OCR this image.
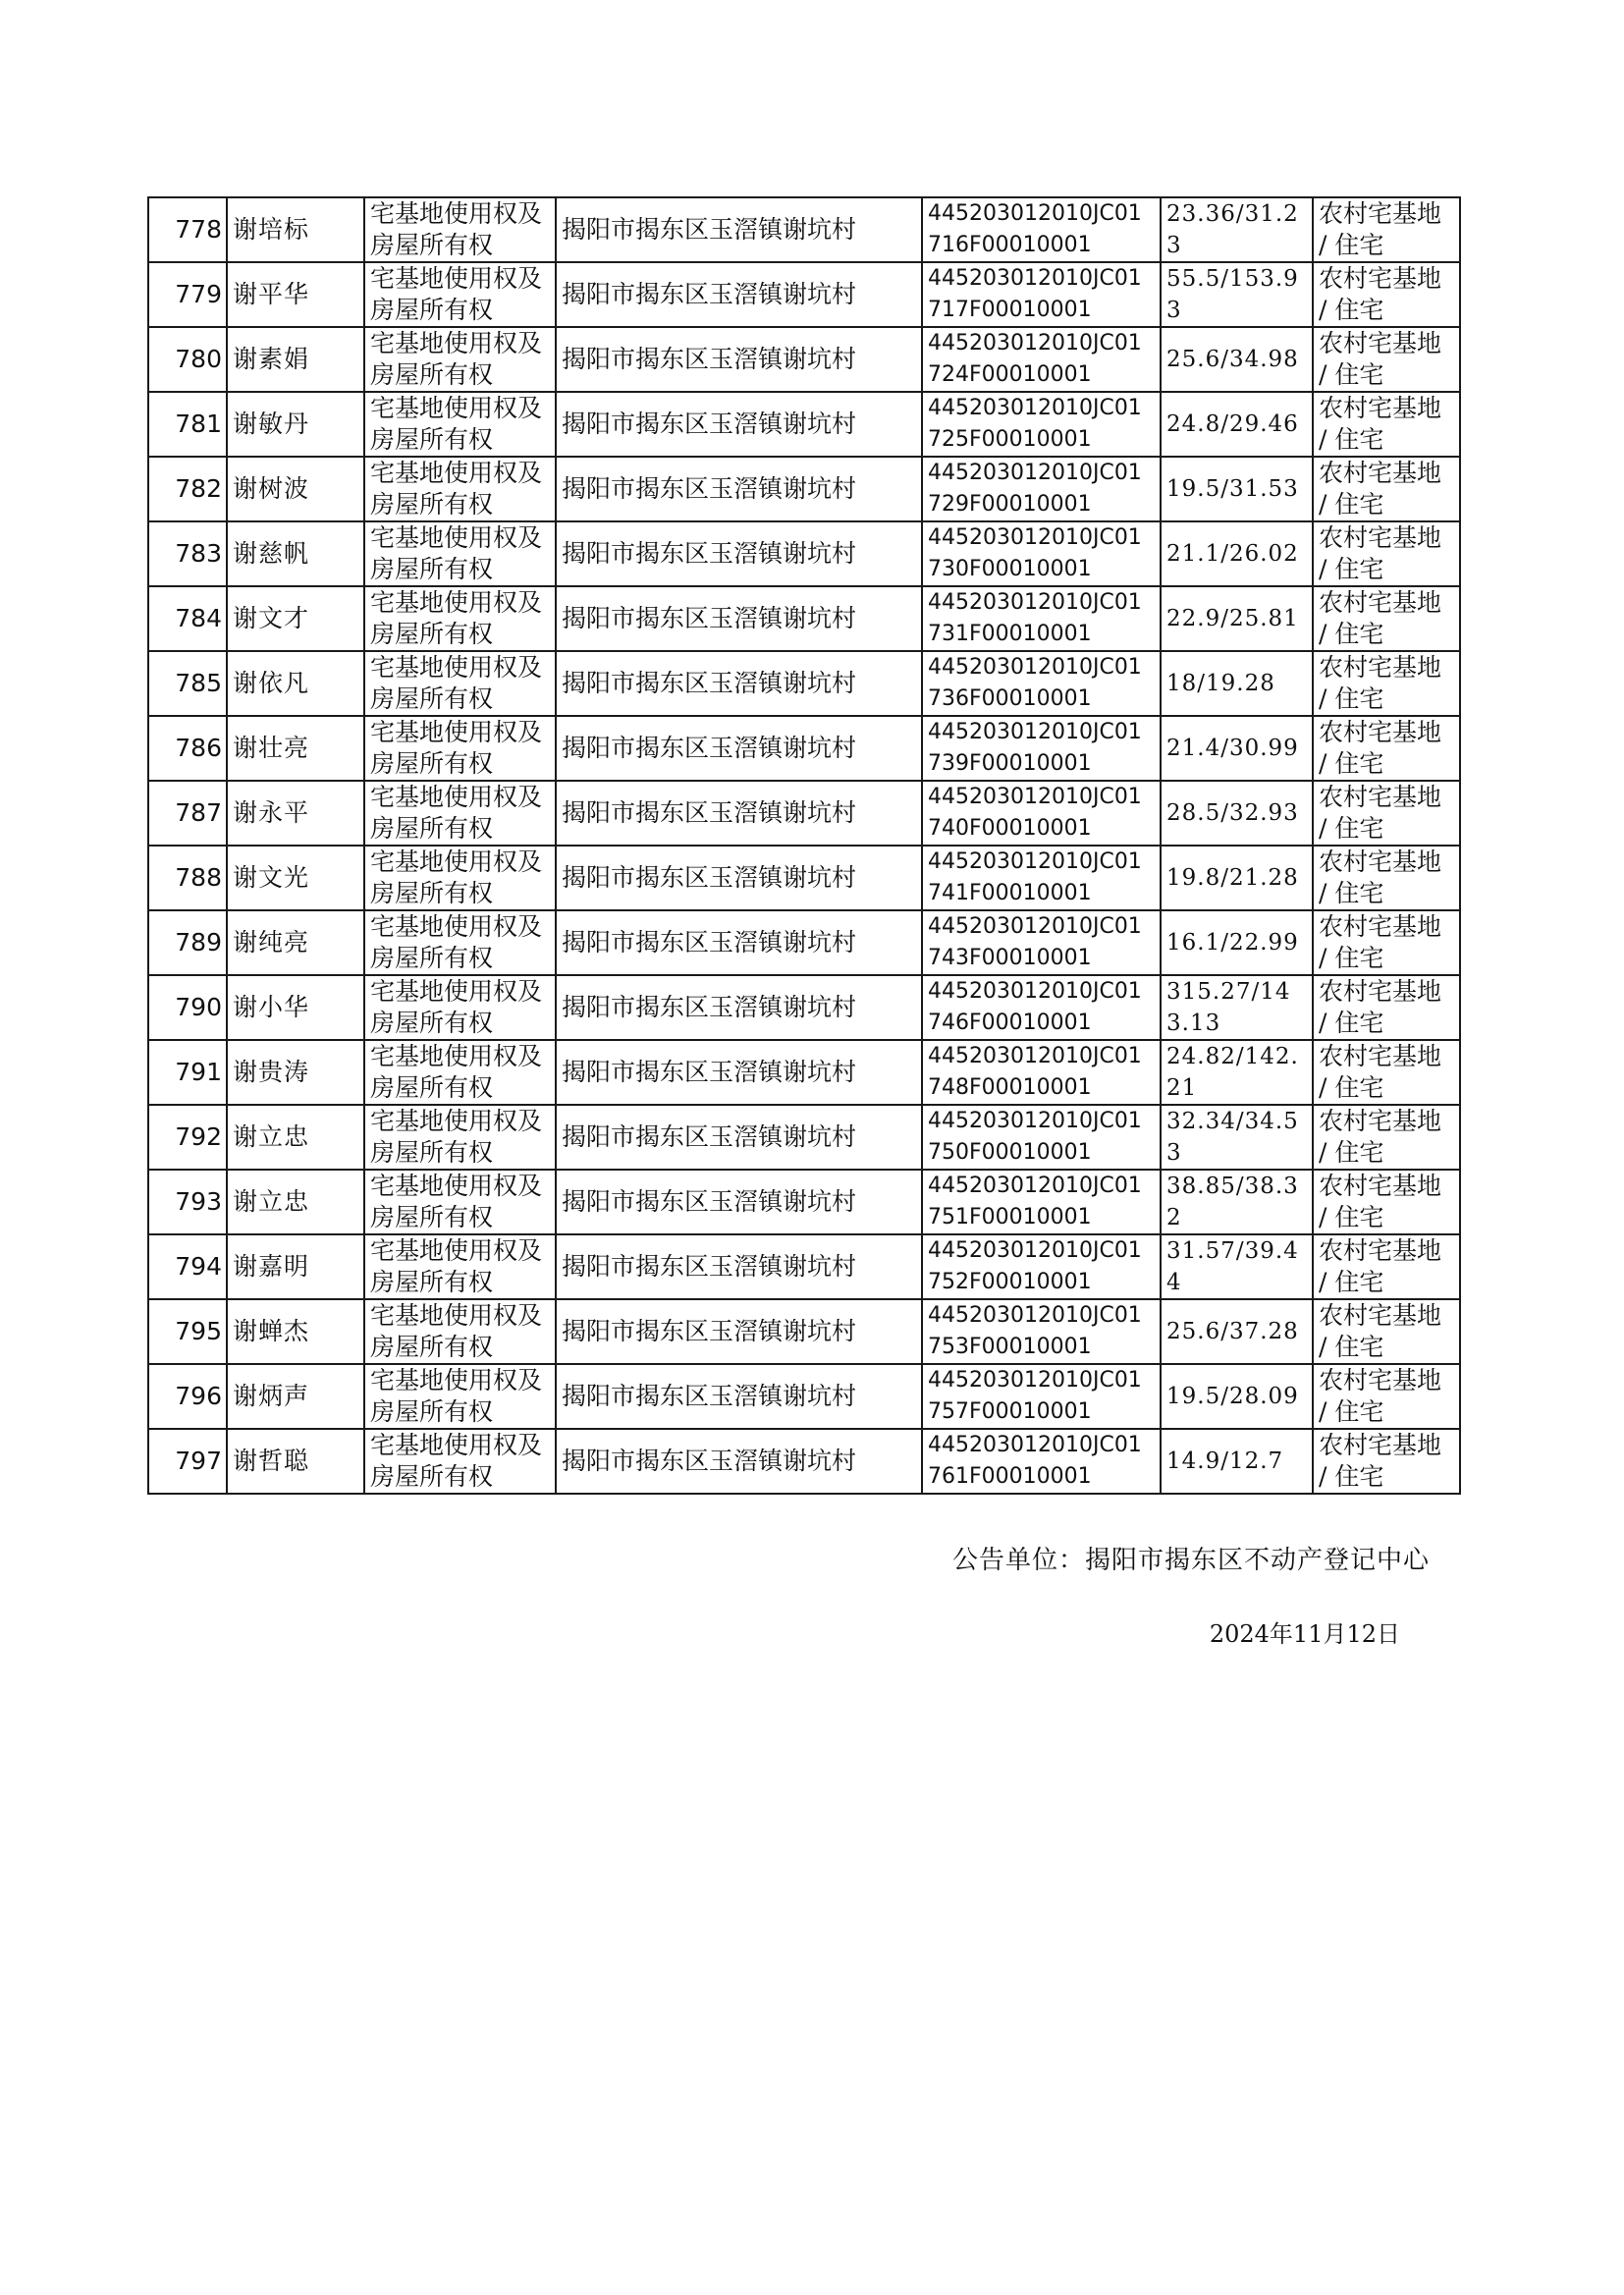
778	谢培标	宅基地使用权及房屋所有权	揭阳市揭东区玉滘镇谢坑村	445203012010JC01716F00010001	23.36/31.23	农村宅基地 / 住宅
779	谢平华	宅基地使用权及房屋所有权	揭阳市揭东区玉滘镇谢坑村	445203012010JC01717F00010001	55.5/153.93	农村宅基地 / 住宅
780	谢素娟	宅基地使用权及房屋所有权	揭阳市揭东区玉滘镇谢坑村	445203012010JC01724F00010001	25.6/34.98	农村宅基地 / 住宅
781	谢敏丹	宅基地使用权及房屋所有权	揭阳市揭东区玉滘镇谢坑村	445203012010JC01725F00010001	24.8/29.46	农村宅基地 / 住宅
782	谢树波	宅基地使用权及房屋所有权	揭阳市揭东区玉滘镇谢坑村	445203012010JC01729F00010001	19.5/31.53	农村宅基地 / 住宅
783	谢慈帆	宅基地使用权及房屋所有权	揭阳市揭东区玉滘镇谢坑村	445203012010JC01730F00010001	21.1/26.02	农村宅基地 / 住宅
784	谢文才	宅基地使用权及房屋所有权	揭阳市揭东区玉滘镇谢坑村	445203012010JC01731F00010001	22.9/25.81	农村宅基地 / 住宅
785	谢依凡	宅基地使用权及房屋所有权	揭阳市揭东区玉滘镇谢坑村	445203012010JC01736F00010001	18/19.28	农村宅基地 / 住宅
786	谢壮亮	宅基地使用权及房屋所有权	揭阳市揭东区玉滘镇谢坑村	445203012010JC01739F00010001	21.4/30.99	农村宅基地 / 住宅
787	谢永平	宅基地使用权及房屋所有权	揭阳市揭东区玉滘镇谢坑村	445203012010JC01740F00010001	28.5/32.93	农村宅基地 / 住宅
788	谢文光	宅基地使用权及房屋所有权	揭阳市揭东区玉滘镇谢坑村	445203012010JC01741F00010001	19.8/21.28	农村宅基地 / 住宅
789	谢纯亮	宅基地使用权及房屋所有权	揭阳市揭东区玉滘镇谢坑村	445203012010JC01743F00010001	16.1/22.99	农村宅基地 / 住宅
790	谢小华	宅基地使用权及房屋所有权	揭阳市揭东区玉滘镇谢坑村	445203012010JC01746F00010001	315.27/143.13	农村宅基地 / 住宅
791	谢贵涛	宅基地使用权及房屋所有权	揭阳市揭东区玉滘镇谢坑村	445203012010JC01748F00010001	24.82/142.21	农村宅基地 / 住宅
792	谢立忠	宅基地使用权及房屋所有权	揭阳市揭东区玉滘镇谢坑村	445203012010JC01750F00010001	32.34/34.53	农村宅基地 / 住宅
793	谢立忠	宅基地使用权及房屋所有权	揭阳市揭东区玉滘镇谢坑村	445203012010JC01751F00010001	38.85/38.32	农村宅基地 / 住宅
794	谢嘉明	宅基地使用权及房屋所有权	揭阳市揭东区玉滘镇谢坑村	445203012010JC01752F00010001	31.57/39.44	农村宅基地 / 住宅
795	谢蝉杰	宅基地使用权及房屋所有权	揭阳市揭东区玉滘镇谢坑村	445203012010JC01753F00010001	25.6/37.28	农村宅基地 / 住宅
796	谢炳声	宅基地使用权及房屋所有权	揭阳市揭东区玉滘镇谢坑村	445203012010JC01757F00010001	19.5/28.09	农村宅基地 / 住宅
797	谢哲聪	宅基地使用权及房屋所有权	揭阳市揭东区玉滘镇谢坑村	445203012010JC01761F00010001	14.9/12.7	农村宅基地 / 住宅
公告单位：揭阳市揭东区不动产登记中心
2024年11月12日
